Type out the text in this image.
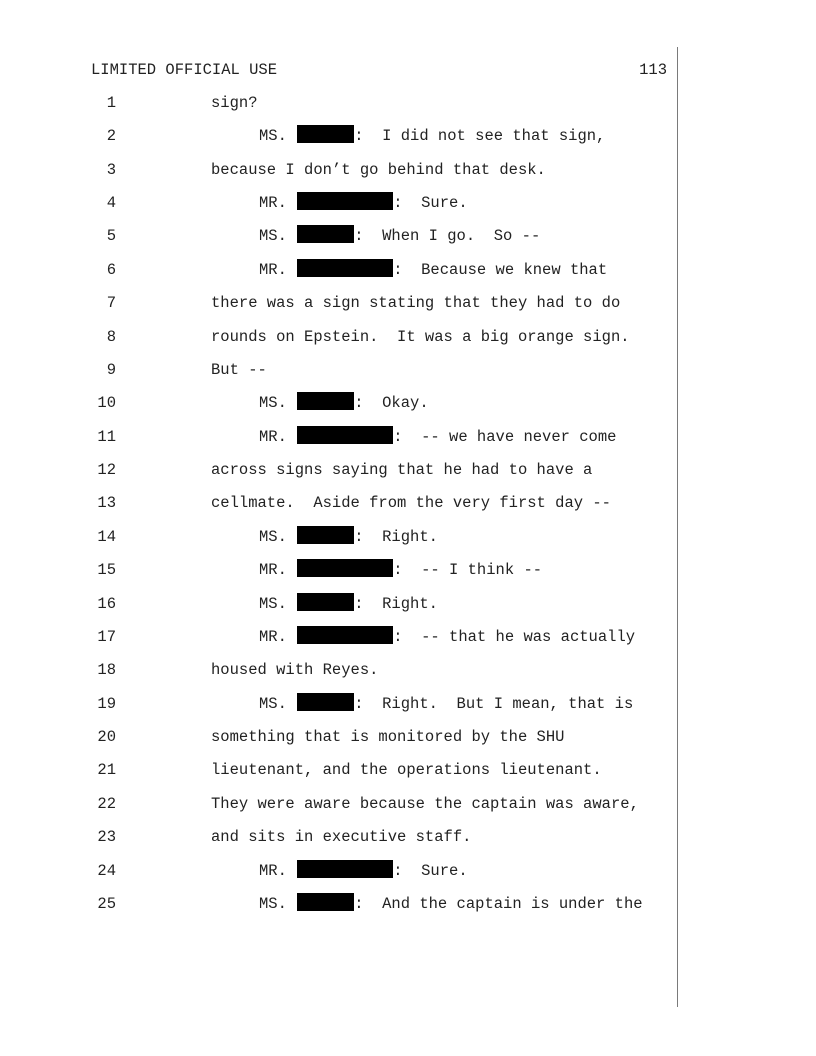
LIMITED OFFICIAL USE	113
1	sign?
2	MS.	:  I did not see that sign,
3	because I don’t go behind that desk.
4	MR.	:  Sure.
5	MS.	:  When I go.  So --
6	MR.	:  Because we knew that
7	there was a sign stating that they had to do
8	rounds on Epstein.  It was a big orange sign.
9	But --
10	MS.	:  Okay.
11	MR.	:  -- we have never come
12	across signs saying that he had to have a
13	cellmate.  Aside from the very first day --
14	MS.	:  Right.
15	MR.	:  -- I think --
16	MS.	:  Right.
17	MR.	:  -- that he was actually
18	housed with Reyes.
19	MS.	:  Right.  But I mean, that is
20	something that is monitored by the SHU
21	lieutenant, and the operations lieutenant.
22	They were aware because the captain was aware,
23	and sits in executive staff.
24	MR.	:  Sure.
25	MS.	:  And the captain is under the
